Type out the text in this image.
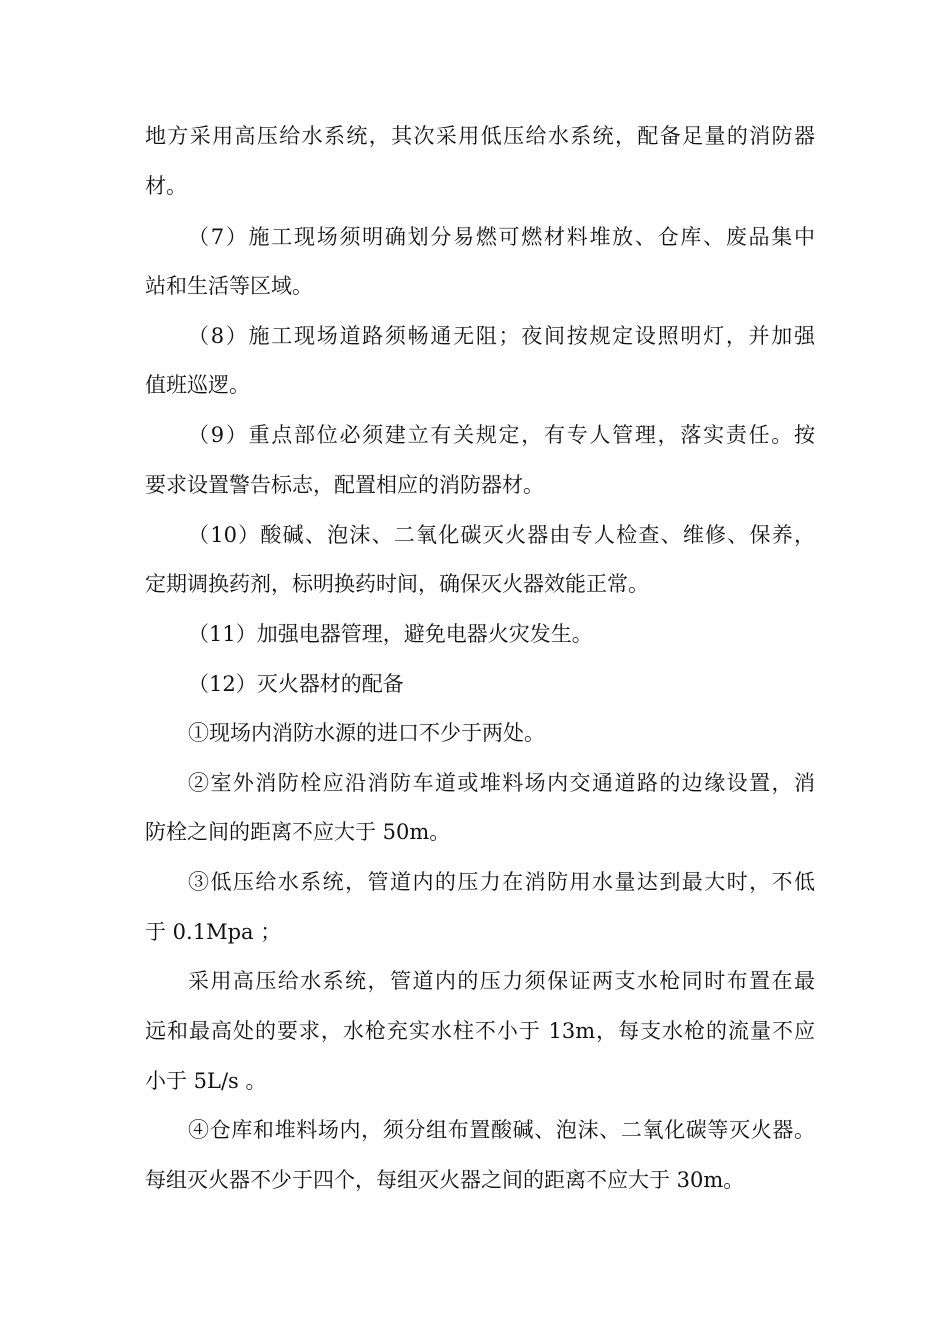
地方采用高压给水系统，其次采用低压给水系统，配备足量的消防器
材。
（7）施工现场须明确划分易燃可燃材料堆放、仓库、废品集中
站和生活等区域。
（8）施工现场道路须畅通无阻；夜间按规定设照明灯，并加强
值班巡逻。
（9）重点部位必须建立有关规定，有专人管理，落实责任。按
要求设置警告标志，配置相应的消防器材。
（10）酸碱、泡沫、二氧化碳灭火器由专人检查、维修、保养，
定期调换药剂，标明换药时间，确保灭火器效能正常。
（11）加强电器管理，避免电器火灾发生。
（12）灭火器材的配备
①现场内消防水源的进口不少于两处。
②室外消防栓应沿消防车道或堆料场内交通道路的边缘设置，消
防栓之间的距离不应大于 50m。
③低压给水系统，管道内的压力在消防用水量达到最大时，不低
于 0.1Mpa ；
采用高压给水系统，管道内的压力须保证两支水枪同时布置在最
远和最高处的要求，水枪充实水柱不小于 13m，每支水枪的流量不应
小于 5L/s 。
④仓库和堆料场内，须分组布置酸碱、泡沫、二氧化碳等灭火器。
每组灭火器不少于四个，每组灭火器之间的距离不应大于 30m。
